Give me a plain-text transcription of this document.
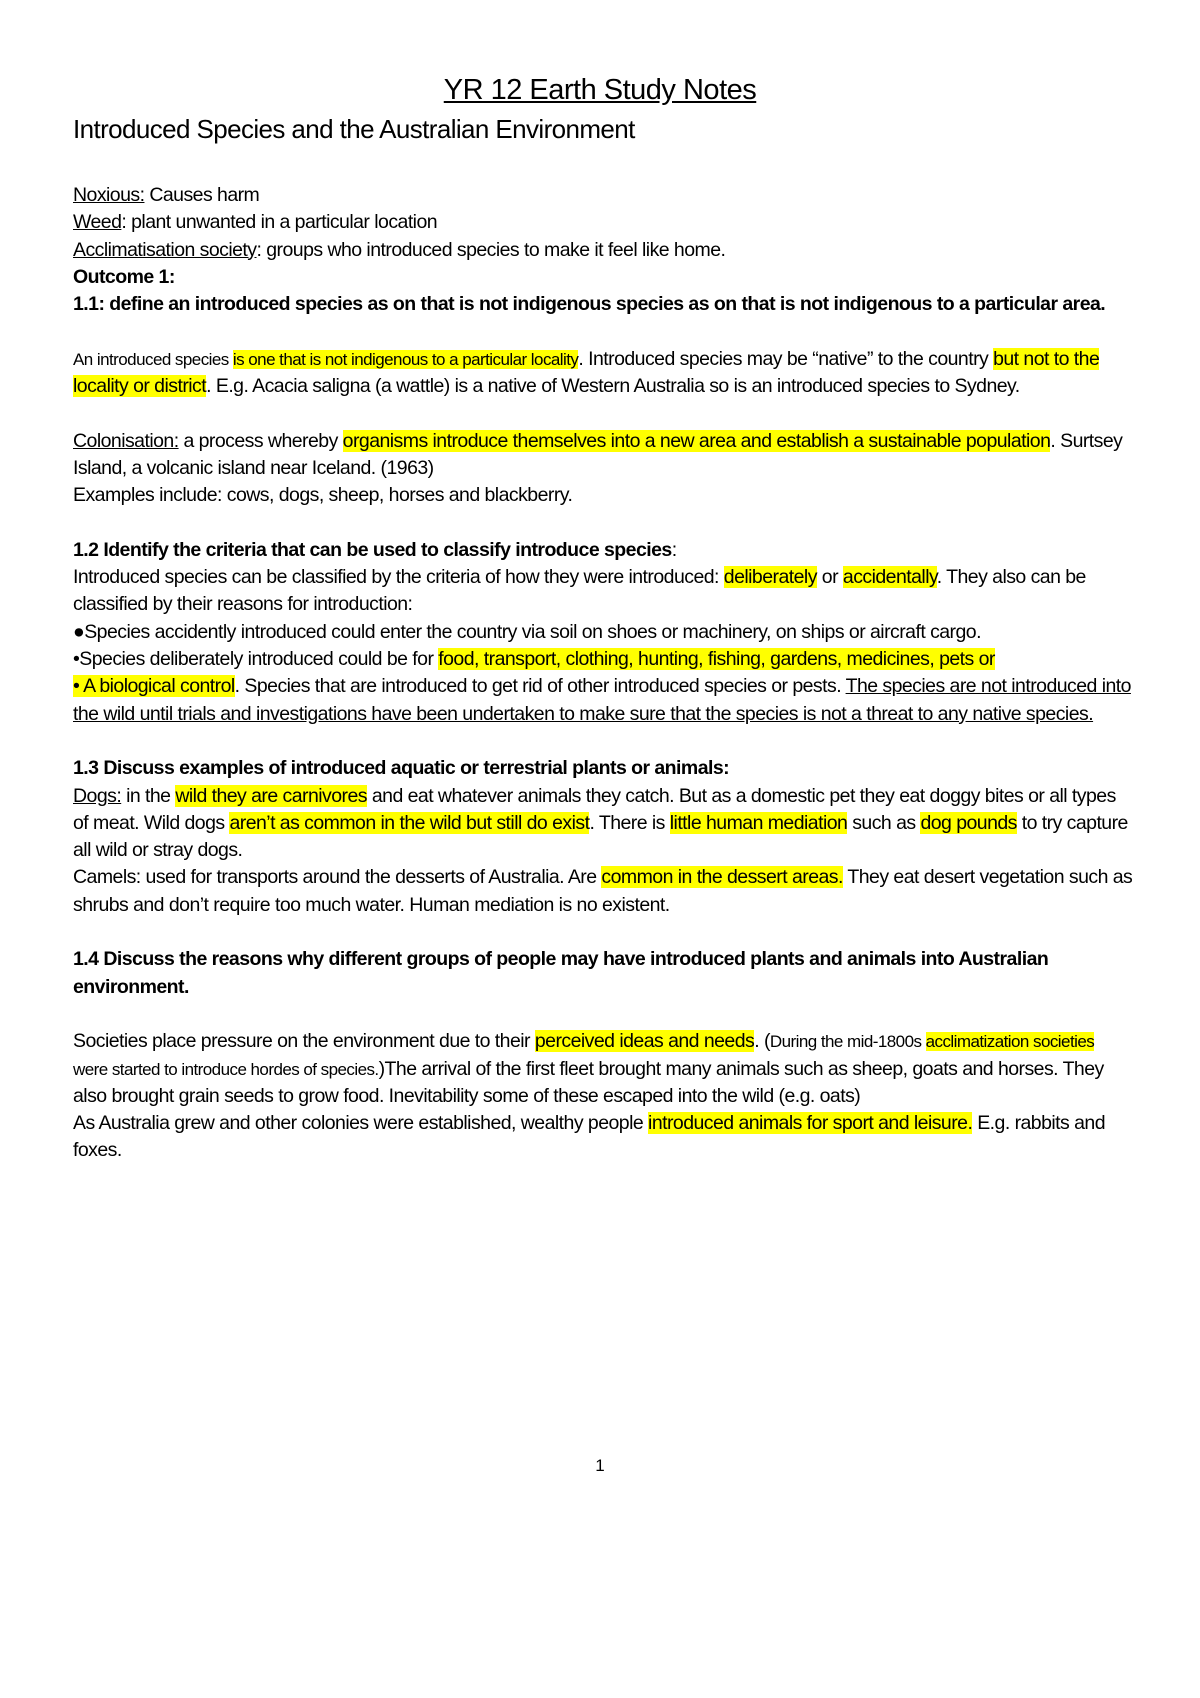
YR 12 Earth Study Notes
Introduced Species and the Australian Environment

Noxious: Causes harm

Weed: plant unwanted in a particular location

Acclimatisation society: groups who introduced species to make it feel like home.

Outcome 1:

1.1: define an introduced species as on that is not indigenous species as on that is not indigenous to a particular area.

An introduced species is one that is not indigenous to a particular locality. Introduced species may be “native” to the country but not to the locality or district. E.g. Acacia saligna (a wattle) is a native of Western Australia so is an introduced species to Sydney.

Colonisation: a process whereby organisms introduce themselves into a new area and establish a sustainable population. Surtsey Island, a volcanic island near Iceland. (1963)

Examples include: cows, dogs, sheep, horses and blackberry.

1.2 Identify the criteria that can be used to classify introduce species:

Introduced species can be classified by the criteria of how they were introduced: deliberately or accidentally. They also can be classified by their reasons for introduction:

●Species accidently introduced could enter the country via soil on shoes or machinery, on ships or aircraft cargo.

•Species deliberately introduced could be for food, transport, clothing, hunting, fishing, gardens, medicines, pets or

• A biological control. Species that are introduced to get rid of other introduced species or pests. The species are not introduced into the wild until trials and investigations have been undertaken to make sure that the species is not a threat to any native species.

1.3 Discuss examples of introduced aquatic or terrestrial plants or animals:

Dogs: in the wild they are carnivores and eat whatever animals they catch. But as a domestic pet they eat doggy bites or all types of meat. Wild dogs aren’t as common in the wild but still do exist. There is little human mediation such as dog pounds to try capture all wild or stray dogs.

Camels: used for transports around the desserts of Australia. Are common in the dessert areas. They eat desert vegetation such as shrubs and don’t require too much water. Human mediation is no existent.

1.4 Discuss the reasons why different groups of people may have introduced plants and animals into Australian environment.

Societies place pressure on the environment due to their perceived ideas and needs. (During the mid-1800s acclimatization societies were started to introduce hordes of species.)The arrival of the first fleet brought many animals such as sheep, goats and horses. They also brought grain seeds to grow food. Inevitability some of these escaped into the wild (e.g. oats)

As Australia grew and other colonies were established, wealthy people introduced animals for sport and leisure. E.g. rabbits and foxes.

1
